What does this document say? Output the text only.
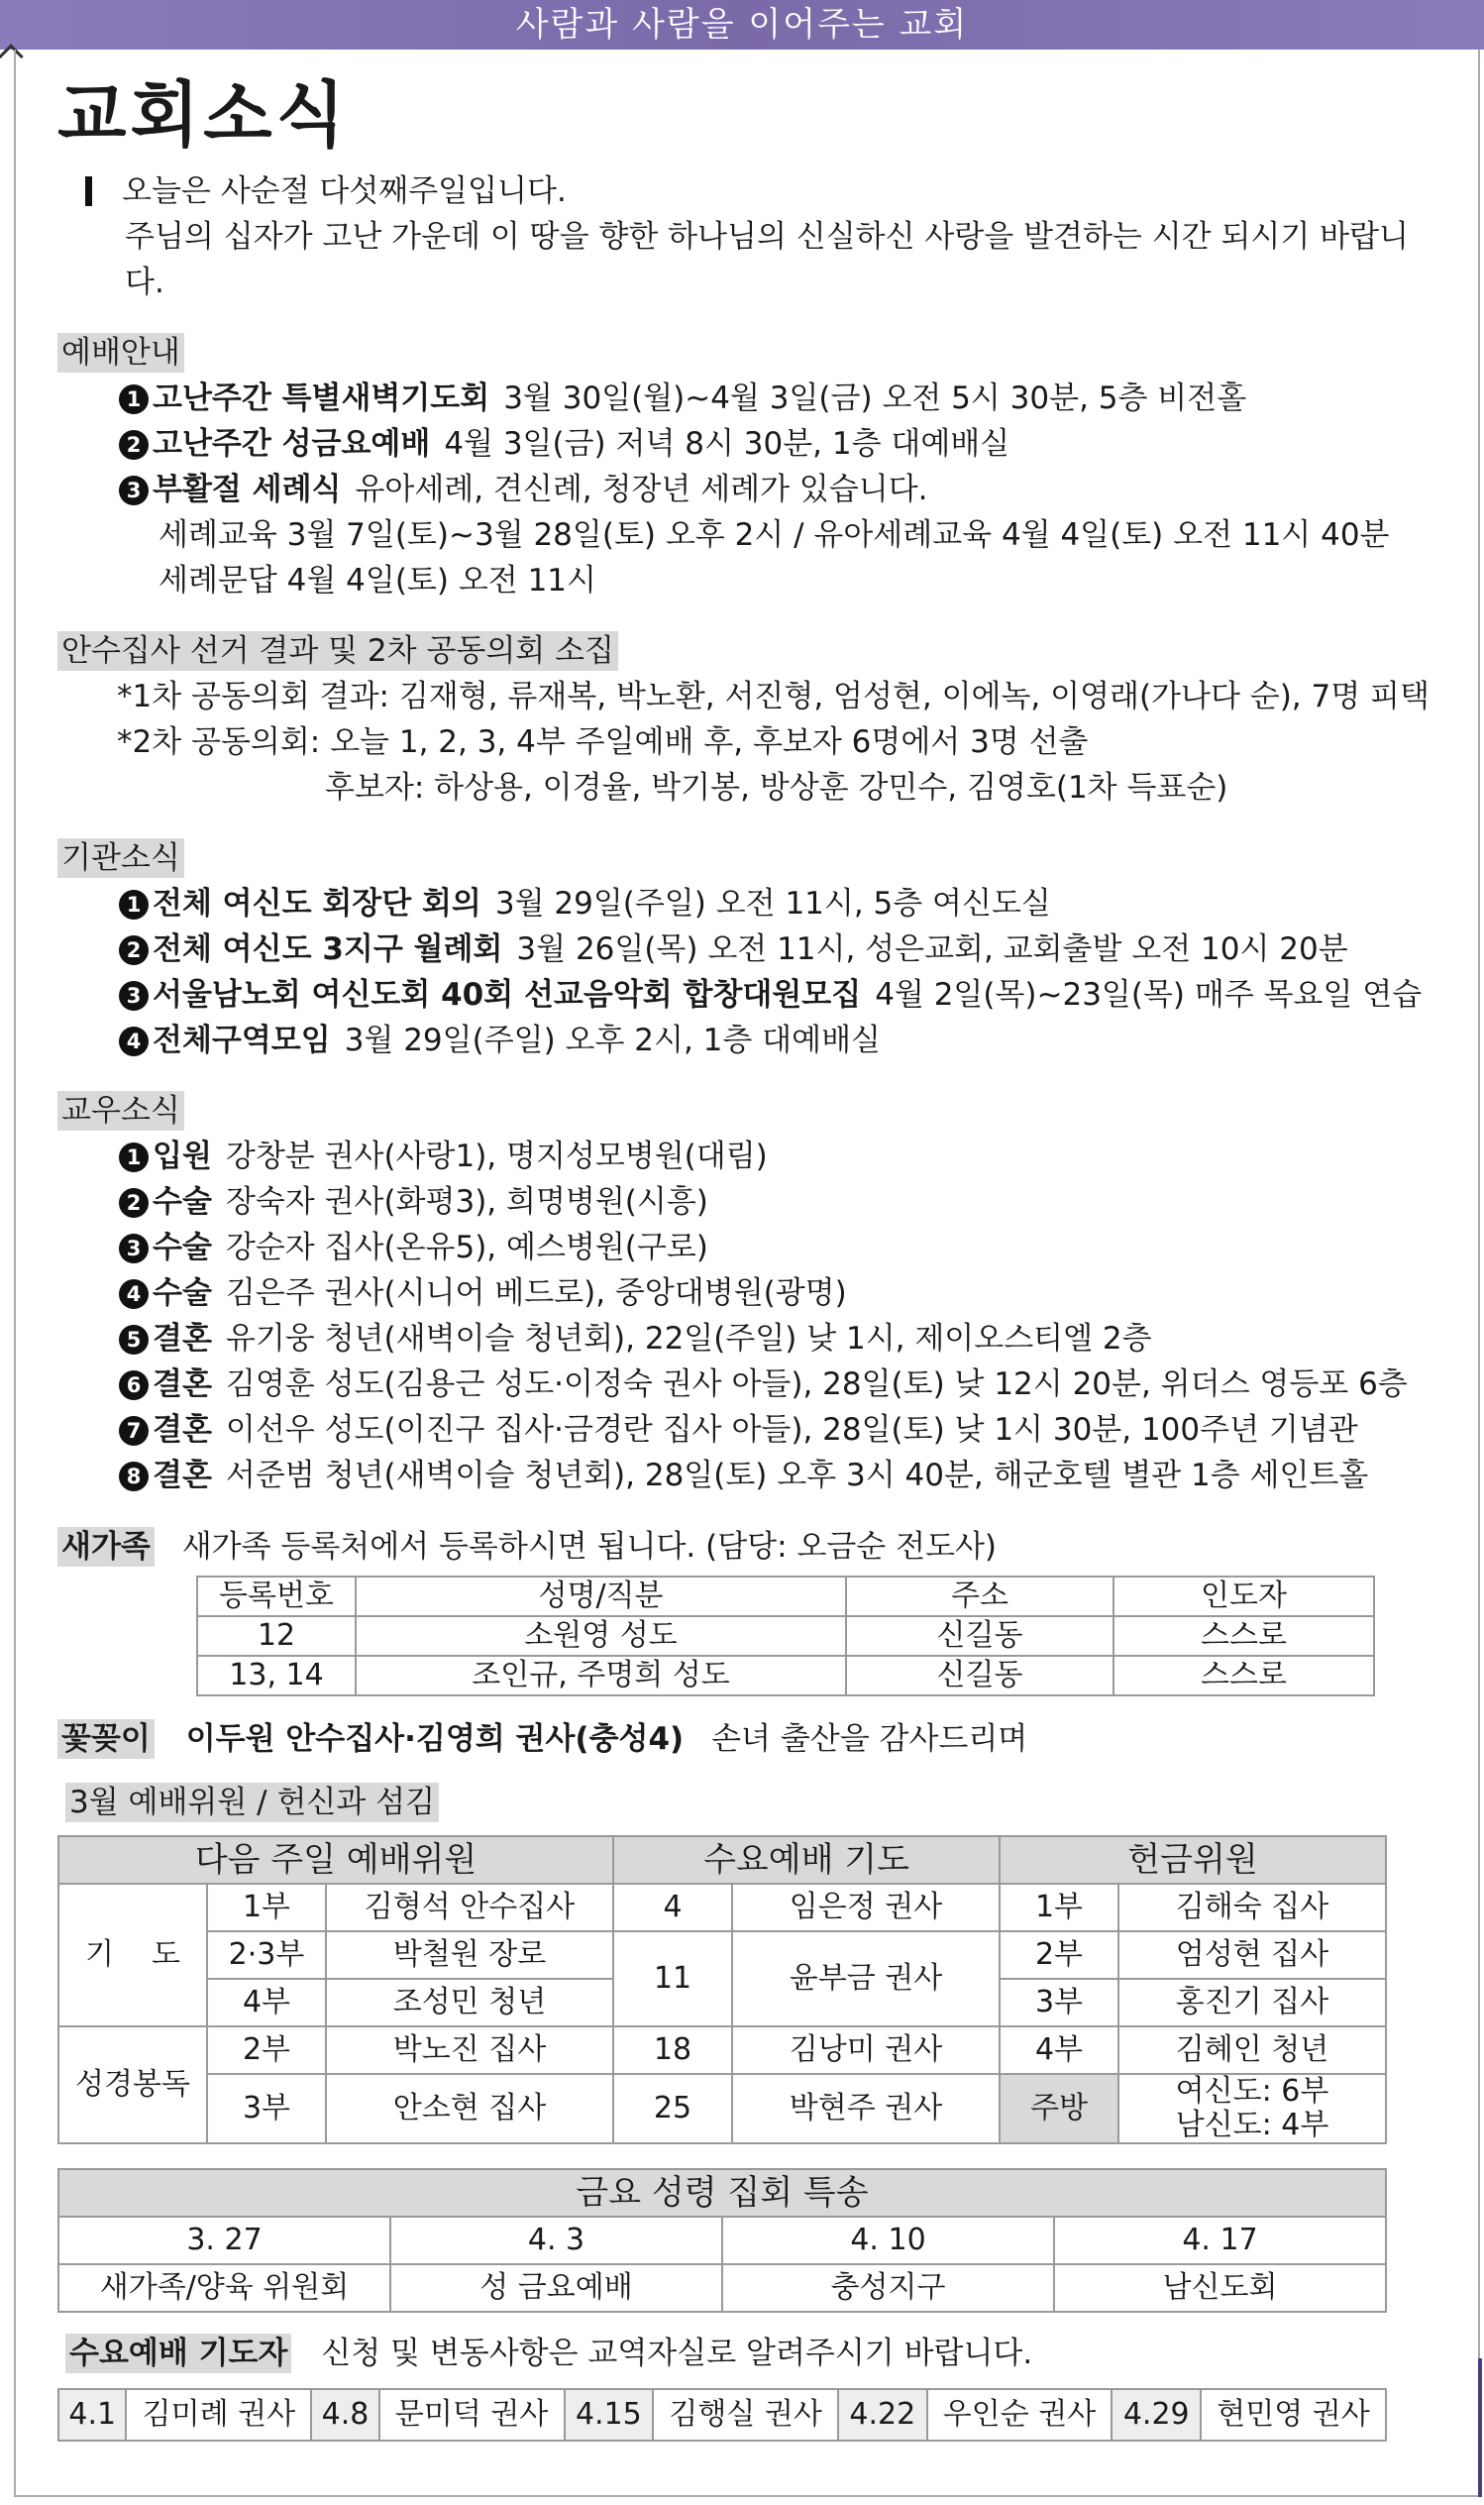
사람과 사람을 이어주는 교회
교회소식
오늘은 사순절 다섯째주일입니다.
주님의 십자가 고난 가운데 이 땅을 향한 하나님의 신실하신 사랑을 발견하는 시간 되시기 바랍니다.
예배안내
1 고난주간 특별새벽기도회 3월 30일(월)~4월 3일(금) 오전 5시 30분, 5층 비전홀
2 고난주간 성금요예배 4월 3일(금) 저녁 8시 30분, 1층 대예배실
3 부활절 세례식 유아세례, 견신례, 청장년 세례가 있습니다.
세례교육 3월 7일(토)~3월 28일(토) 오후 2시 / 유아세례교육 4월 4일(토) 오전 11시 40분
세례문답 4월 4일(토) 오전 11시
안수집사 선거 결과 및 2차 공동의회 소집
*1차 공동의회 결과: 김재형, 류재복, 박노환, 서진형, 엄성현, 이에녹, 이영래(가나다 순), 7명 피택
*2차 공동의회: 오늘 1, 2, 3, 4부 주일예배 후, 후보자 6명에서 3명 선출
후보자: 하상용, 이경율, 박기봉, 방상훈 강민수, 김영호(1차 득표순)
기관소식
1 전체 여신도 회장단 회의 3월 29일(주일) 오전 11시, 5층 여신도실
2 전체 여신도 3지구 월례회 3월 26일(목) 오전 11시, 성은교회, 교회출발 오전 10시 20분
3 서울남노회 여신도회 40회 선교음악회 합창대원모집 4월 2일(목)~23일(목) 매주 목요일 연습
4 전체구역모임 3월 29일(주일) 오후 2시, 1층 대예배실
교우소식
1 입원 강창분 권사(사랑1), 명지성모병원(대림)
2 수술 장숙자 권사(화평3), 희명병원(시흥)
3 수술 강순자 집사(온유5), 예스병원(구로)
4 수술 김은주 권사(시니어 베드로), 중앙대병원(광명)
5 결혼 유기웅 청년(새벽이슬 청년회), 22일(주일) 낮 1시, 제이오스티엘 2층
6 결혼 김영훈 성도(김용근 성도·이정숙 권사 아들), 28일(토) 낮 12시 20분, 위더스 영등포 6층
7 결혼 이선우 성도(이진구 집사·금경란 집사 아들), 28일(토) 낮 1시 30분, 100주년 기념관
8 결혼 서준범 청년(새벽이슬 청년회), 28일(토) 오후 3시 40분, 해군호텔 별관 1층 세인트홀
새가족 새가족 등록처에서 등록하시면 됩니다. (담당: 오금순 전도사)
등록번호	성명/직분	주소	인도자
12	소원영 성도	신길동	스스로
13, 14	조인규, 주명희 성도	신길동	스스로
꽃꽂이 이두원 안수집사·김영희 권사(충성4) 손녀 출산을 감사드리며
3월 예배위원 / 헌신과 섬김
다음 주일 예배위원			수요예배 기도		헌금위원	
기    도	1부	김형석 안수집사	4	임은정 권사	1부	김해숙 집사
	2·3부	박철원 장로	11	윤부금 권사	2부	엄성현 집사
	4부	조성민 청년			3부	홍진기 집사
성경봉독	2부	박노진 집사	18	김낭미 권사	4부	김혜인 청년
	3부	안소현 집사	25	박현주 권사	주방	여신도: 6부
남신도: 4부
금요 성령 집회 특송			
3. 27	4. 3	4. 10	4. 17
새가족/양육 위원회	성 금요예배	충성지구	남신도회
수요예배 기도자 신청 및 변동사항은 교역자실로 알려주시기 바랍니다.
4.1	김미례 권사	4.8	문미덕 권사	4.15	김행실 권사	4.22	우인순 권사	4.29	현민영 권사
